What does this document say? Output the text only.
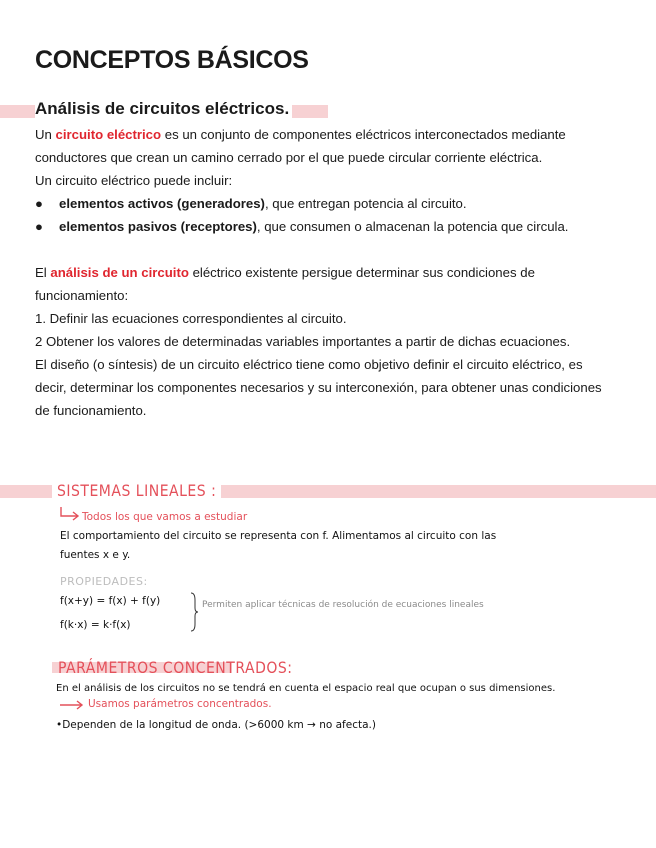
CONCEPTOS BÁSICOS
Análisis de circuitos eléctricos.

Un circuito eléctrico es un conjunto de componentes eléctricos interconectados mediante conductores que crean un camino cerrado por el que puede circular corriente eléctrica.

Un circuito eléctrico puede incluir:

●	elementos activos (generadores), que entregan potencia al circuito.
●	elementos pasivos (receptores), que consumen o almacenan la potencia que circula.

El análisis de un circuito eléctrico existente persigue determinar sus condiciones de funcionamiento:

1. Definir las ecuaciones correspondientes al circuito.

2 Obtener los valores de determinadas variables importantes a partir de dichas ecuaciones.

El diseño (o síntesis) de un circuito eléctrico tiene como objetivo definir el circuito eléctrico, es decir, determinar los componentes necesarios y su interconexión, para obtener unas condiciones de funcionamiento.

SISTEMAS LINEALES :
Todos los que vamos a estudiar
El comportamiento del circuito se representa con f. Alimentamos al circuito con las
fuentes x e y.
PROPIEDADES:
f(x+y) = f(x) + f(y)
f(k·x) = k·f(x)
Permiten aplicar técnicas de resolución de ecuaciones lineales
PARÁMETROS CONCENTRADOS:
En el análisis de los circuitos no se tendrá en cuenta el espacio real que ocupan o sus dimensiones.
Usamos parámetros concentrados.
•Dependen de la longitud de onda. (>6000 km → no afecta.)
